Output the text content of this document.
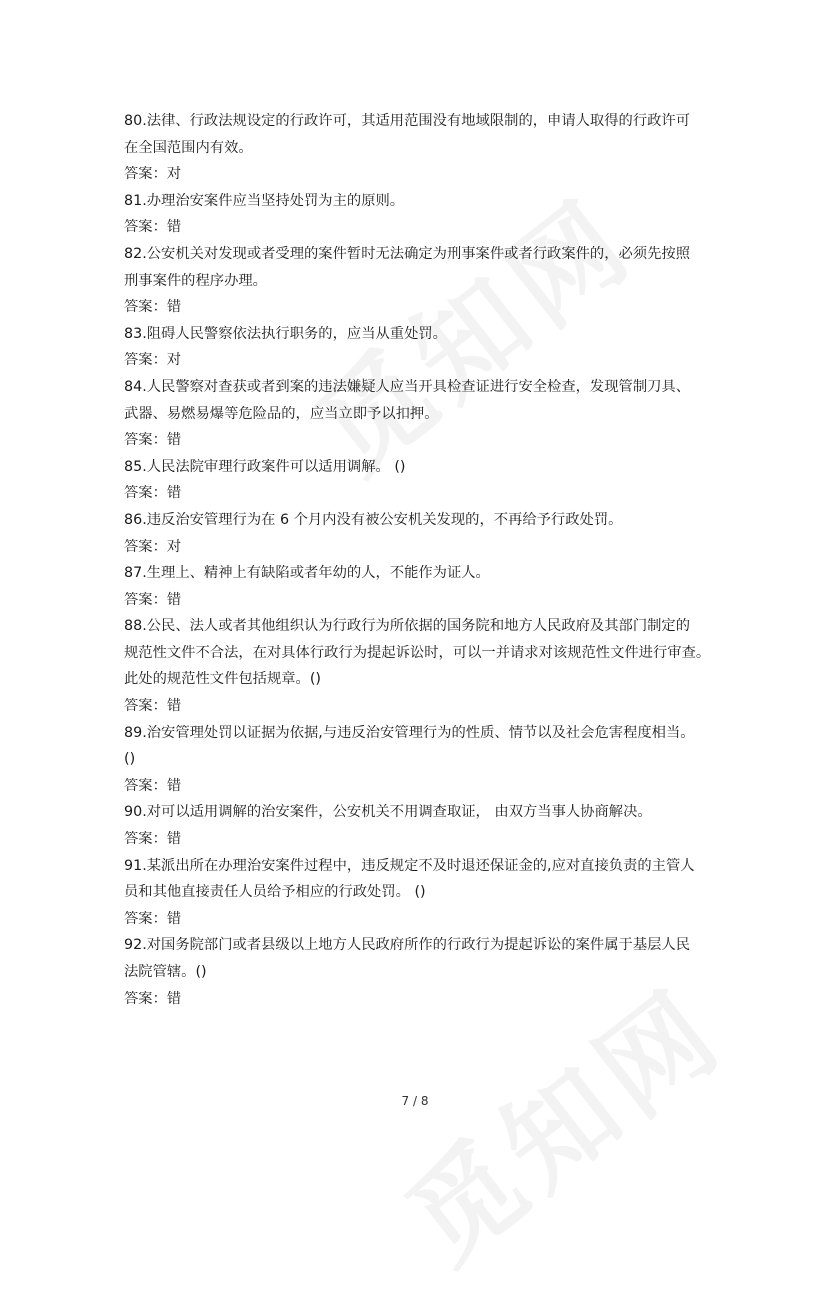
80.法律、行政法规设定的行政许可，其适用范围没有地域限制的，申请人取得的行政许可
在全国范围内有效。
答案：对
81.办理治安案件应当坚持处罚为主的原则。
答案：错
82.公安机关对发现或者受理的案件暂时无法确定为刑事案件或者行政案件的，必须先按照
刑事案件的程序办理。
答案：错
83.阻碍人民警察依法执行职务的，应当从重处罚。
答案：对
84.人民警察对查获或者到案的违法嫌疑人应当开具检查证进行安全检查，发现管制刀具、
武器、易燃易爆等危险品的，应当立即予以扣押。
答案：错
85.人民法院审理行政案件可以适用调解。 ()
答案：错
86.违反治安管理行为在 6 个月内没有被公安机关发现的，不再给予行政处罚。
答案：对
87.生理上、精神上有缺陷或者年幼的人，不能作为证人。
答案：错
88.公民、法人或者其他组织认为行政行为所依据的国务院和地方人民政府及其部门制定的
规范性文件不合法，在对具体行政行为提起诉讼时，可以一并请求对该规范性文件进行审查。
此处的规范性文件包括规章。()
答案：错
89.治安管理处罚以证据为依据,与违反治安管理行为的性质、情节以及社会危害程度相当。
()
答案：错
90.对可以适用调解的治安案件，公安机关不用调查取证， 由双方当事人协商解决。
答案：错
91.某派出所在办理治安案件过程中，违反规定不及时退还保证金的,应对直接负责的主管人
员和其他直接责任人员给予相应的行政处罚。 ()
答案：错
92.对国务院部门或者县级以上地方人民政府所作的行政行为提起诉讼的案件属于基层人民
法院管辖。()
答案：错
7 / 8
